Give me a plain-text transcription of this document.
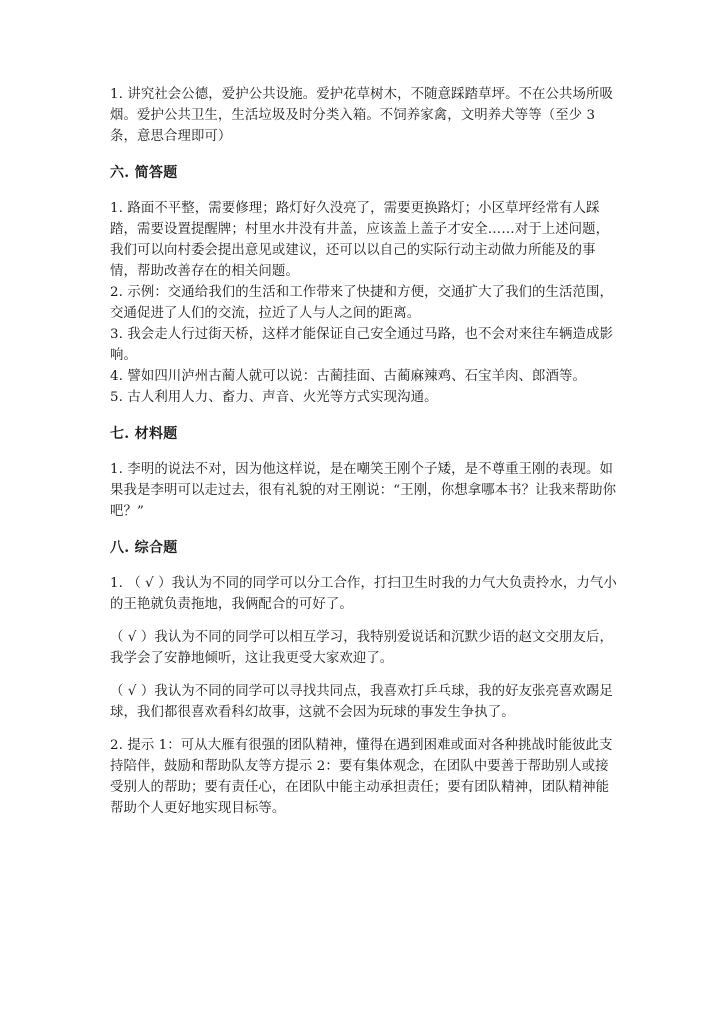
1. 讲究社会公德，爱护公共设施。爱护花草树木，不随意踩踏草坪。不在公共场所吸烟。爱护公共卫生，生活垃圾及时分类入箱。不饲养家禽，文明养犬等等（至少 3 条，意思合理即可）

六. 简答题

1. 路面不平整，需要修理；路灯好久没亮了，需要更换路灯；小区草坪经常有人踩踏，需要设置提醒牌；村里水井没有井盖，应该盖上盖子才安全……对于上述问题，我们可以向村委会提出意见或建议，还可以以自己的实际行动主动做力所能及的事情，帮助改善存在的相关问题。

2. 示例：交通给我们的生活和工作带来了快捷和方便，交通扩大了我们的生活范围，交通促进了人们的交流，拉近了人与人之间的距离。

3. 我会走人行过街天桥，这样才能保证自己安全通过马路，也不会对来往车辆造成影响。

4. 譬如四川泸州古蔺人就可以说：古蔺挂面、古蔺麻辣鸡、石宝羊肉、郎酒等。

5. 古人利用人力、畜力、声音、火光等方式实现沟通。

七. 材料题

1. 李明的说法不对，因为他这样说，是在嘲笑王刚个子矮，是不尊重王刚的表现。如果我是李明可以走过去，很有礼貌的对王刚说：“王刚，你想拿哪本书？让我来帮助你吧？”

八. 综合题

1. （ √ ）我认为不同的同学可以分工合作，打扫卫生时我的力气大负责拎水，力气小的王艳就负责拖地，我俩配合的可好了。

（ √ ）我认为不同的同学可以相互学习，我特别爱说话和沉默少语的赵文交朋友后，我学会了安静地倾听，这让我更受大家欢迎了。

（ √ ）我认为不同的同学可以寻找共同点，我喜欢打乒乓球，我的好友张亮喜欢踢足球，我们都很喜欢看科幻故事，这就不会因为玩球的事发生争执了。

2. 提示 1：可从大雁有很强的团队精神，懂得在遇到困难或面对各种挑战时能彼此支持陪伴，鼓励和帮助队友等方提示 2：要有集体观念，在团队中要善于帮助别人或接受别人的帮助；要有责任心，在团队中能主动承担责任；要有团队精神，团队精神能帮助个人更好地实现目标等。
